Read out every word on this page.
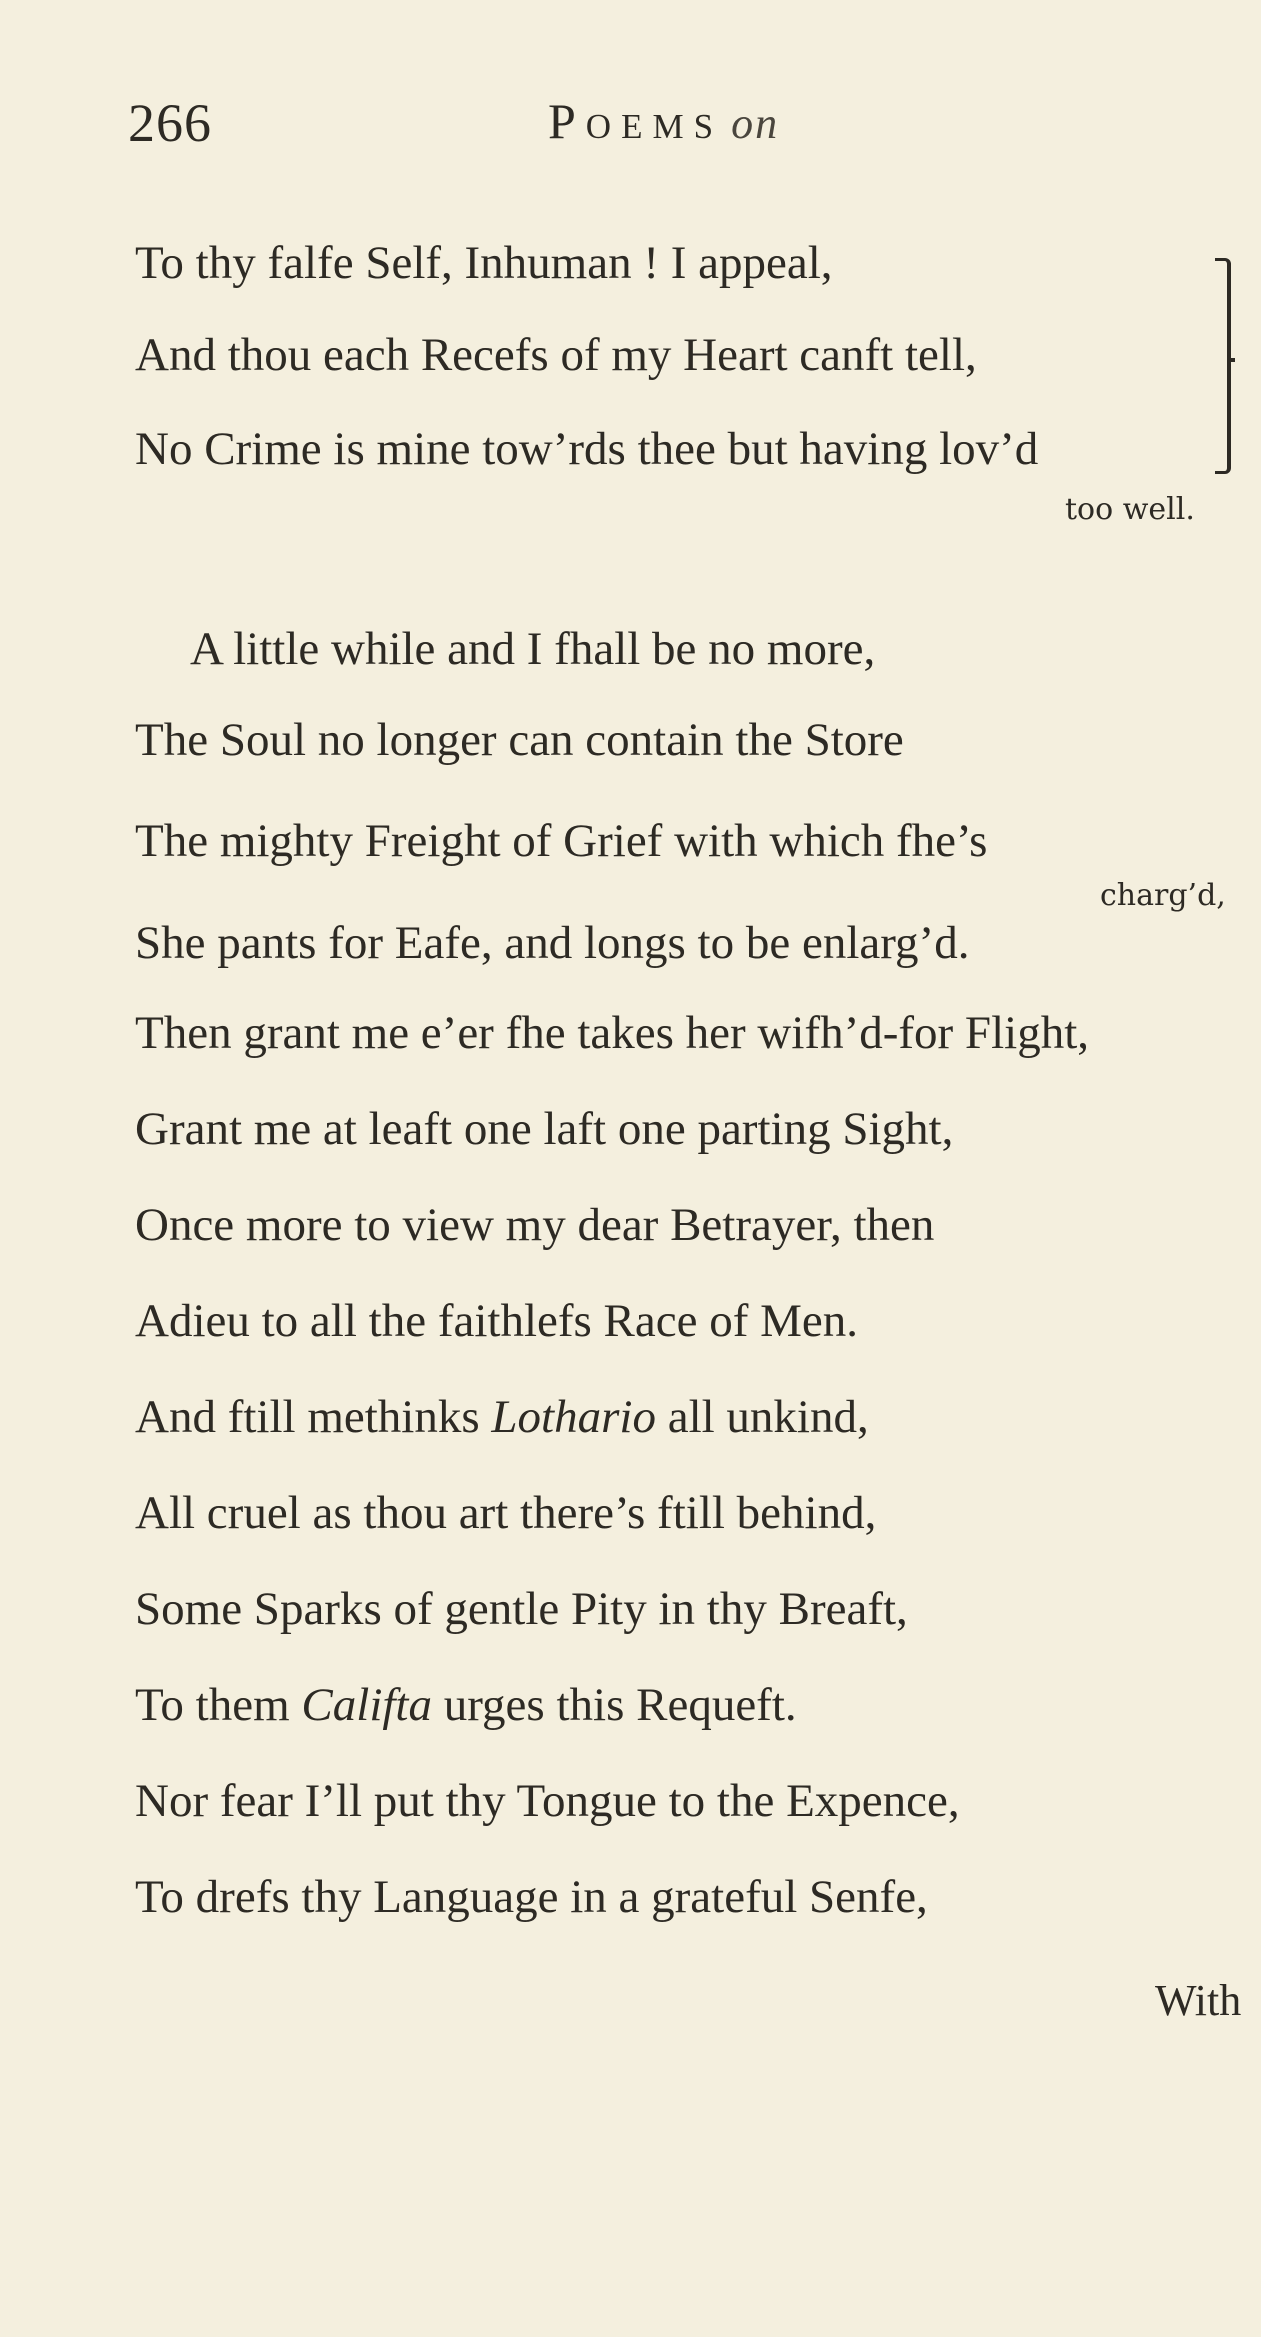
266	Poems on
To thy falfe Self, Inhuman ! I appeal,
And thou each Recefs of my Heart canft tell,
No Crime is mine tow’rds thee but having lov’d
too well.
A little while and I fhall be no more,
The Soul no longer can contain the Store
The mighty Freight of Grief with which fhe’s
charg’d,
She pants for Eafe, and longs to be enlarg’d.
Then grant me e’er fhe takes her wifh’d-for Flight,
Grant me at leaft one laft one parting Sight,
Once more to view my dear Betrayer, then
Adieu to all the faithlefs Race of Men.
And ftill methinks Lothario all unkind,
All cruel as thou art there’s ftill behind,
Some Sparks of gentle Pity in thy Breaft,
To them Califta urges this Requeft.
Nor fear I’ll put thy Tongue to the Expence,
To drefs thy Language in a grateful Senfe,
With
